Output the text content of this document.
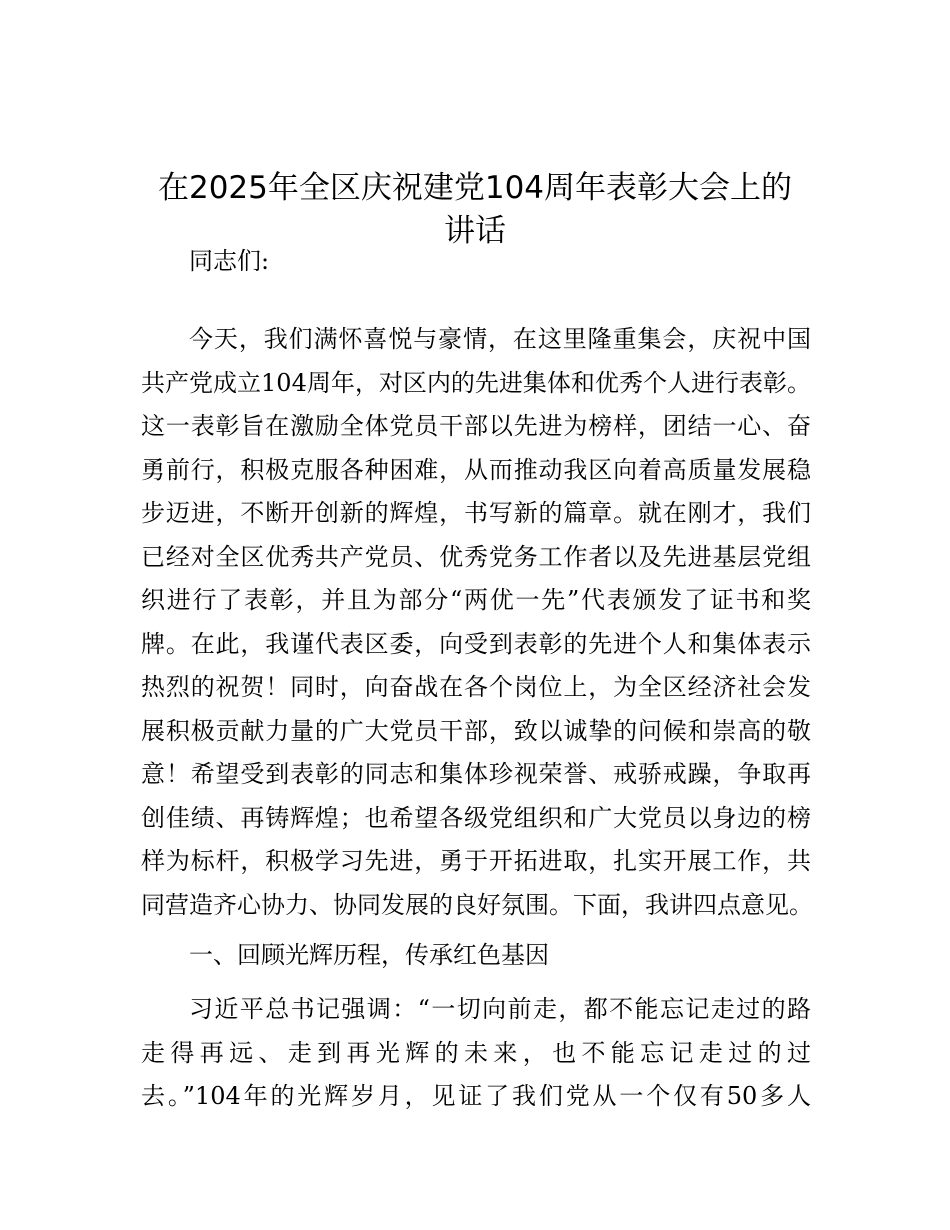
在2025年全区庆祝建党104周年表彰大会上的
讲话

同志们:

今天，我们满怀喜悦与豪情，在这里隆重集会，庆祝中国
共产党成立104周年，对区内的先进集体和优秀个人进行表彰。
这一表彰旨在激励全体党员干部以先进为榜样，团结一心、奋
勇前行，积极克服各种困难，从而推动我区向着高质量发展稳
步迈进，不断开创新的辉煌，书写新的篇章。就在刚才，我们
已经对全区优秀共产党员、优秀党务工作者以及先进基层党组
织进行了表彰，并且为部分“两优一先”代表颁发了证书和奖
牌。在此，我谨代表区委，向受到表彰的先进个人和集体表示
热烈的祝贺！同时，向奋战在各个岗位上，为全区经济社会发
展积极贡献力量的广大党员干部，致以诚挚的问候和崇高的敬
意！希望受到表彰的同志和集体珍视荣誉、戒骄戒躁，争取再
创佳绩、再铸辉煌；也希望各级党组织和广大党员以身边的榜
样为标杆，积极学习先进，勇于开拓进取，扎实开展工作，共
同营造齐心协力、协同发展的良好氛围。下面，我讲四点意见。

一、回顾光辉历程，传承红色基因

习近平总书记强调：“一切向前走，都不能忘记走过的路
走得再远、走到再光辉的未来，也不能忘记走过的过
去。”104年的光辉岁月，见证了我们党从一个仅有50多人
